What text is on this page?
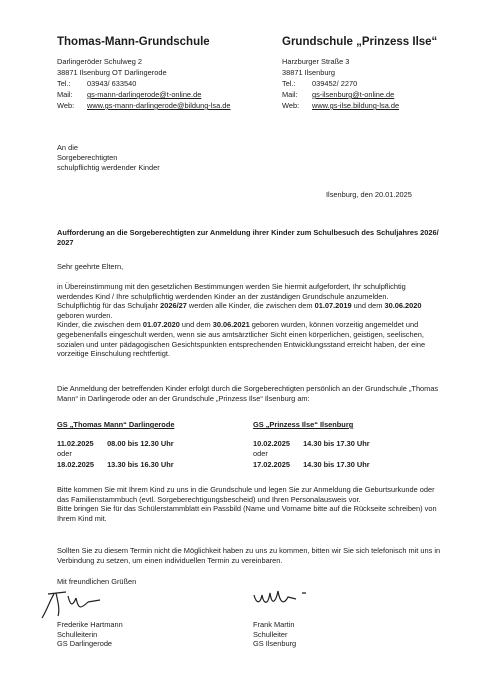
Thomas-Mann-Grundschule
Darlingeröder Schulweg 2
38871 Ilsenburg OT Darlingerode
Tel.: 03943/ 633540
Mail: gs-mann-darlingerode@t-online.de
Web: www.gs-mann-darlingerode@bildung-lsa.de
Grundschule „Prinzess Ilse“
Harzburger Straße 3
38871 Ilsenburg
Tel.: 039452/ 2270
Mail: gs-ilsenburg@t-online.de
Web: www.gs-ilse.bildung-lsa.de
An die
Sorgeberechtigten
schulpflichtig werdender Kinder
Ilsenburg, den 20.01.2025
Aufforderung an die Sorgeberechtigten zur Anmeldung ihrer Kinder zum Schulbesuch des Schuljahres 2026/ 2027
Sehr geehrte Eltern,
in Übereinstimmung mit den gesetzlichen Bestimmungen werden Sie hiermit aufgefordert, Ihr schulpflichtig werdendes Kind / Ihre schulpflichtig werdenden Kinder an der zuständigen Grundschule anzumelden.
Schulpflichtig für das Schuljahr 2026/27 werden alle Kinder, die zwischen dem 01.07.2019 und dem 30.06.2020 geboren wurden.
Kinder, die zwischen dem 01.07.2020 und dem 30.06.2021 geboren wurden, können vorzeitig angemeldet und gegebenenfalls eingeschult werden, wenn sie aus amtsärztlicher Sicht einen körperlichen, geistigen, seelischen, sozialen und unter pädagogischen Gesichtspunkten entsprechenden Entwicklungsstand erreicht haben, der eine vorzeitige Einschulung rechtfertigt.
Die Anmeldung der betreffenden Kinder erfolgt durch die Sorgeberechtigten persönlich an der Grundschule „Thomas Mann“ in Darlingerode oder an der Grundschule „Prinzess Ilse“ Ilsenburg am:
GS „Thomas Mann“ Darlingerode
11.02.2025 08.00 bis 12.30 Uhr
oder
18.02.2025 13.30 bis 16.30 Uhr
GS „Prinzess Ilse“ Ilsenburg
10.02.2025 14.30 bis 17.30 Uhr
oder
17.02.2025 14.30 bis 17.30 Uhr
Bitte kommen Sie mit Ihrem Kind zu uns in die Grundschule und legen Sie zur Anmeldung die Geburtsurkunde oder das Familienstammbuch (evtl. Sorgeberechtigungsbescheid) und Ihren Personalausweis vor.
Bitte bringen Sie für das Schülerstammblatt ein Passbild (Name und Vorname bitte auf die Rückseite schreiben) von Ihrem Kind mit.
Sollten Sie zu diesem Termin nicht die Möglichkeit haben zu uns zu kommen, bitten wir Sie sich telefonisch mit uns in Verbindung zu setzen, um einen individuellen Termin zu vereinbaren.
Mit freundlichen Grüßen
Frederike Hartmann
Schulleiterin
GS Darlingerode
Frank Martin
Schulleiter
GS Ilsenburg
